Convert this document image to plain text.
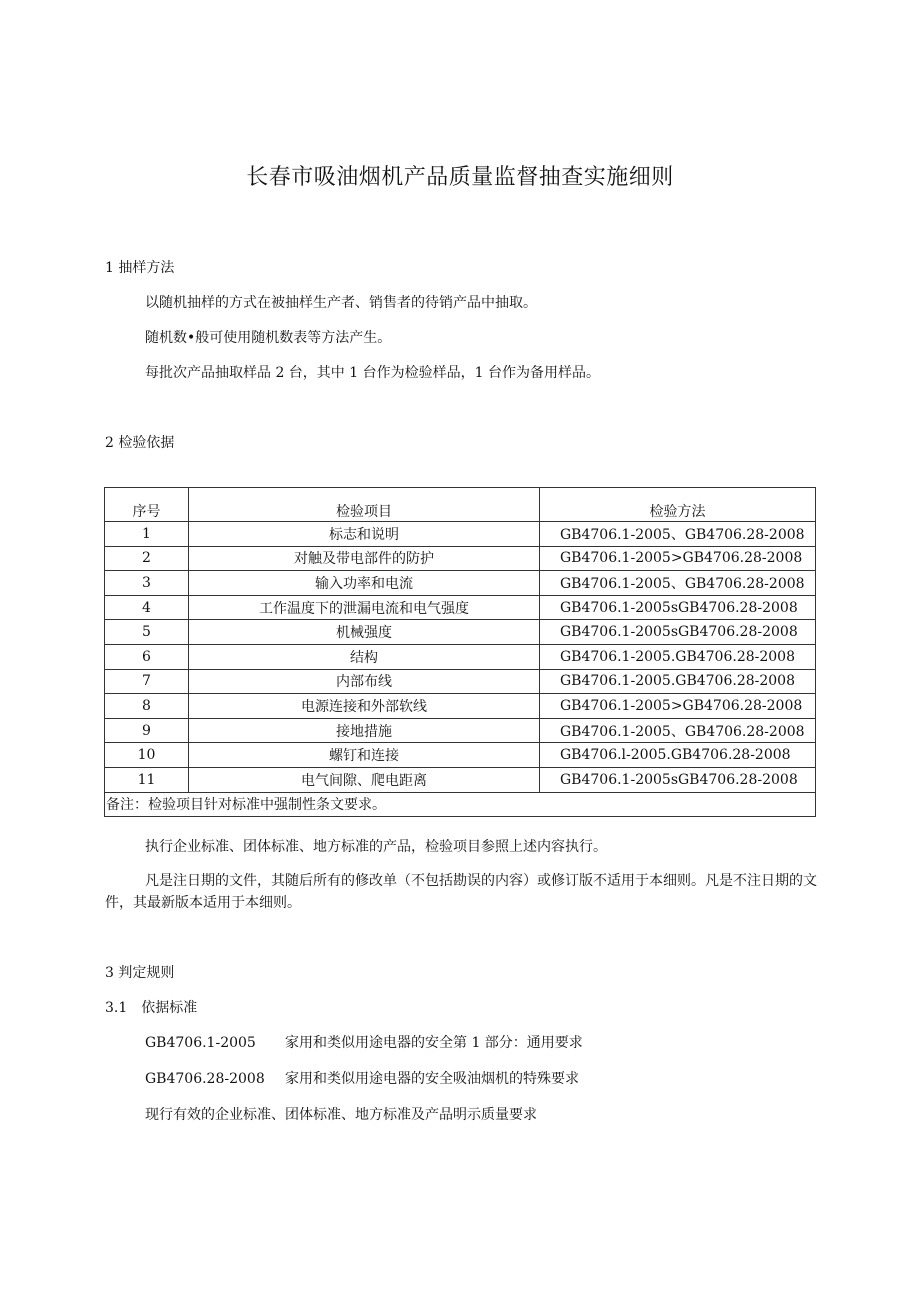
长春市吸油烟机产品质量监督抽查实施细则
1 抽样方法
以随机抽样的方式在被抽样生产者、销售者的待销产品中抽取。
随机数•般可使用随机数表等方法产生。
每批次产品抽取样品 2 台，其中 1 台作为检验样品，1 台作为备用样品。
2 检验依据
序号	检验项目	检验方法
1	标志和说明	GB4706.1-2005、GB4706.28-2008
2	对触及带电部件的防护	GB4706.1-2005>GB4706.28-2008
3	输入功率和电流	GB4706.1-2005、GB4706.28-2008
4	工作温度下的泄漏电流和电气强度	GB4706.1-2005sGB4706.28-2008
5	机械强度	GB4706.1-2005sGB4706.28-2008
6	结构	GB4706.1-2005.GB4706.28-2008
7	内部布线	GB4706.1-2005.GB4706.28-2008
8	电源连接和外部软线	GB4706.1-2005>GB4706.28-2008
9	接地措施	GB4706.1-2005、GB4706.28-2008
10	螺钉和连接	GB4706.l-2005.GB4706.28-2008
11	电气间隙、爬电距离	GB4706.1-2005sGB4706.28-2008
备注：检验项目针对标准中强制性条文要求。		
执行企业标准、团体标准、地方标准的产品，检验项目参照上述内容执行。
凡是注日期的文件，其随后所有的修改单（不包括勘误的内容）或修订版不适用于本细则。凡是不注日期的文件，其最新版本适用于本细则。
3 判定规则
3.1　依据标准
GB4706.1-2005 家用和类似用途电器的安全第 1 部分：通用要求
GB4706.28-2008 家用和类似用途电器的安全吸油烟机的特殊要求
现行有效的企业标准、团体标准、地方标准及产品明示质量要求
